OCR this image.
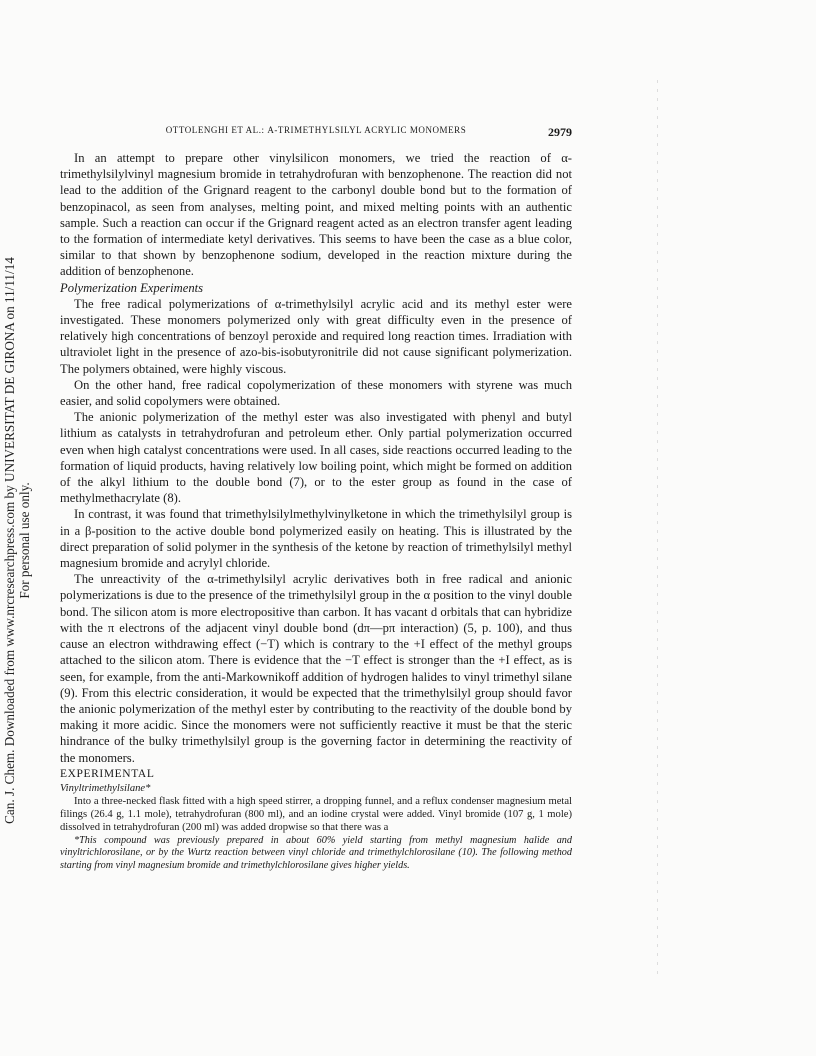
Can. J. Chem. Downloaded from www.nrcresearchpress.com by UNIVERSITAT DE GIRONA on 11/11/14 For personal use only.
OTTOLENGHI ET AL.: Α-TRIMETHYLSILYL ACRYLIC MONOMERS	2979

In an attempt to prepare other vinylsilicon monomers, we tried the reaction of α-trimethylsilylvinyl magnesium bromide in tetrahydrofuran with benzophenone. The reaction did not lead to the addition of the Grignard reagent to the carbonyl double bond but to the formation of benzopinacol, as seen from analyses, melting point, and mixed melting points with an authentic sample. Such a reaction can occur if the Grignard reagent acted as an electron transfer agent leading to the formation of intermediate ketyl derivatives. This seems to have been the case as a blue color, similar to that shown by benzophenone sodium, developed in the reaction mixture during the addition of benzophenone.

Polymerization Experiments

The free radical polymerizations of α-trimethylsilyl acrylic acid and its methyl ester were investigated. These monomers polymerized only with great difficulty even in the presence of relatively high concentrations of benzoyl peroxide and required long reaction times. Irradiation with ultraviolet light in the presence of azo-bis-isobutyronitrile did not cause significant polymerization. The polymers obtained, were highly viscous.

On the other hand, free radical copolymerization of these monomers with styrene was much easier, and solid copolymers were obtained.

The anionic polymerization of the methyl ester was also investigated with phenyl and butyl lithium as catalysts in tetrahydrofuran and petroleum ether. Only partial polymerization occurred even when high catalyst concentrations were used. In all cases, side reactions occurred leading to the formation of liquid products, having relatively low boiling point, which might be formed on addition of the alkyl lithium to the double bond (7), or to the ester group as found in the case of methylmethacrylate (8).

In contrast, it was found that trimethylsilylmethylvinylketone in which the trimethylsilyl group is in a β-position to the active double bond polymerized easily on heating. This is illustrated by the direct preparation of solid polymer in the synthesis of the ketone by reaction of trimethylsilyl methyl magnesium bromide and acrylyl chloride.

The unreactivity of the α-trimethylsilyl acrylic derivatives both in free radical and anionic polymerizations is due to the presence of the trimethylsilyl group in the α position to the vinyl double bond. The silicon atom is more electropositive than carbon. It has vacant d orbitals that can hybridize with the π electrons of the adjacent vinyl double bond (dπ—pπ interaction) (5, p. 100), and thus cause an electron withdrawing effect (−T) which is contrary to the +I effect of the methyl groups attached to the silicon atom. There is evidence that the −T effect is stronger than the +I effect, as is seen, for example, from the anti-Markownikoff addition of hydrogen halides to vinyl trimethyl silane (9). From this electric consideration, it would be expected that the trimethylsilyl group should favor the anionic polymerization of the methyl ester by contributing to the reactivity of the double bond by making it more acidic. Since the monomers were not sufficiently reactive it must be that the steric hindrance of the bulky trimethylsilyl group is the governing factor in determining the reactivity of the monomers.

EXPERIMENTAL

Vinyltrimethylsilane*

Into a three-necked flask fitted with a high speed stirrer, a dropping funnel, and a reflux condenser magnesium metal filings (26.4 g, 1.1 mole), tetrahydrofuran (800 ml), and an iodine crystal were added. Vinyl bromide (107 g, 1 mole) dissolved in tetrahydrofuran (200 ml) was added dropwise so that there was a

*This compound was previously prepared in about 60% yield starting from methyl magnesium halide and vinyltrichlorosilane, or by the Wurtz reaction between vinyl chloride and trimethylchlorosilane (10). The following method starting from vinyl magnesium bromide and trimethylchlorosilane gives higher yields.
